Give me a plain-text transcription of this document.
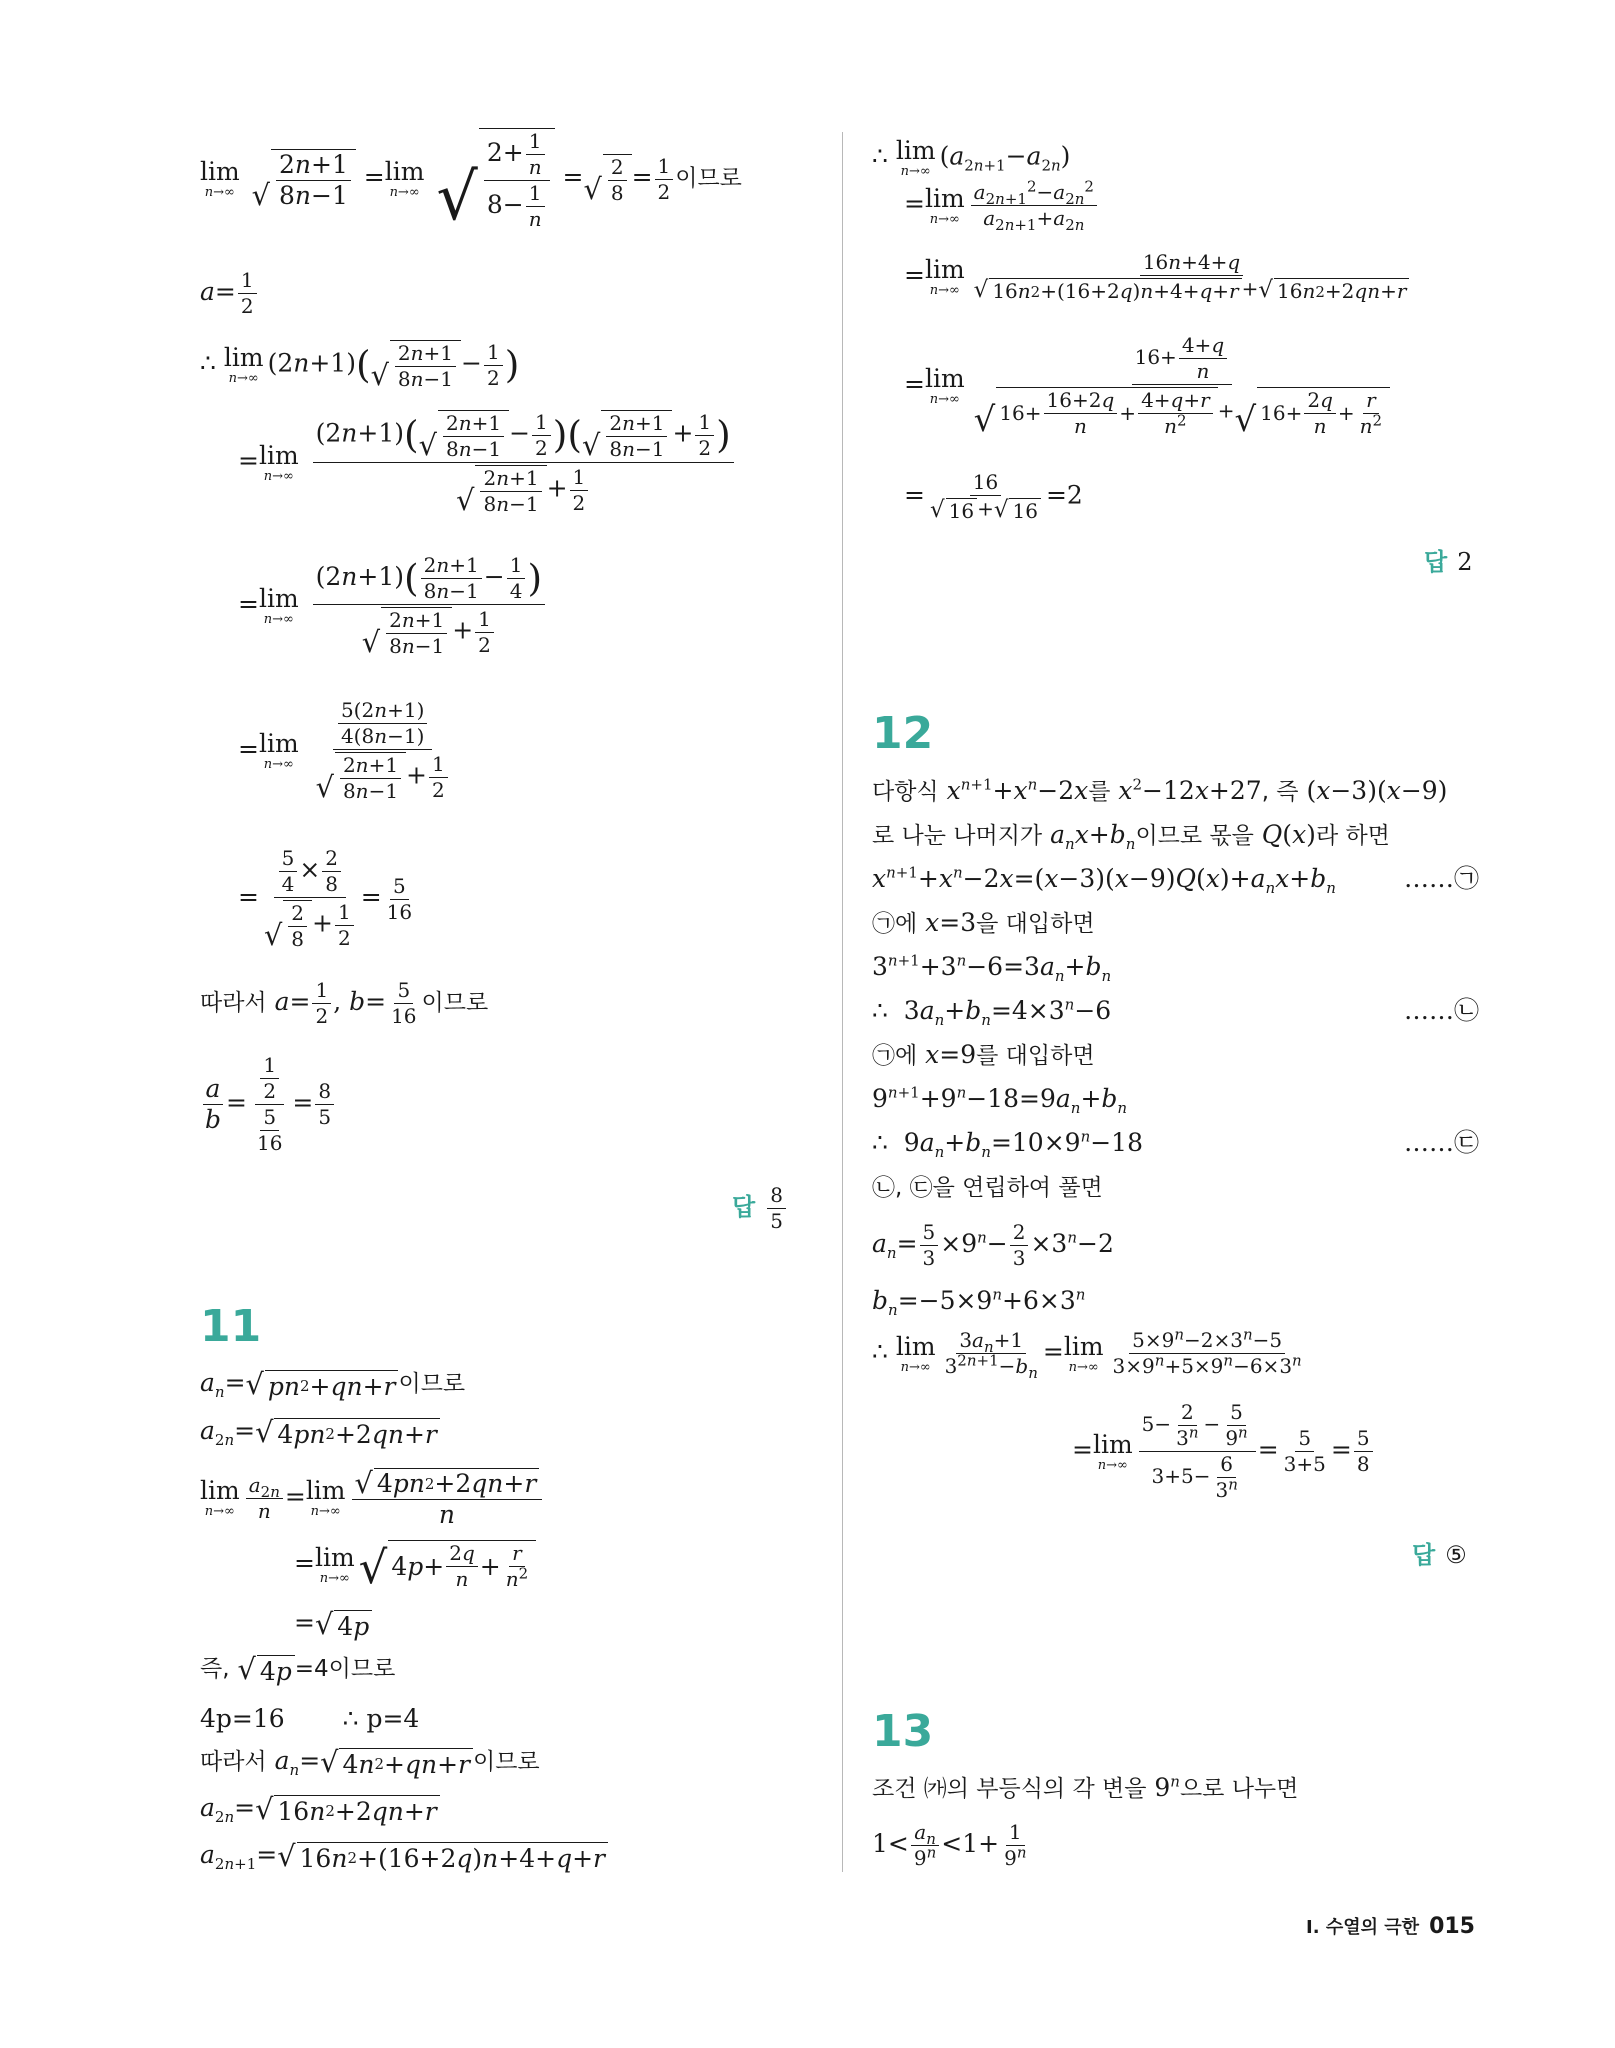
lim
n→∞
√ $\frac{2n+1}{8n-1} = \lim$
n→∞
√ $\frac{2+ \frac{1}{n}}{8- \frac{1}{n}}$ = √ $\frac{2}{8} = \frac{1}{2}$ 이므로
$a= \frac{1}{2}$
∴ lim
n→∞
(2n+1)( √ $\frac{2n+1}{8n-1} - \frac{1}{2}$ )
= lim
n→∞
$\frac{(2n+1)( √ \frac{2n+1}{8n-1} - \frac{1}{2} )( √ \frac{2n+1}{8n-1} + \frac{1}{2} )}{√ \frac{2n+1}{8n-1} + \frac{1}{2}}$
= lim
n→∞
$\frac{(2n+1)( \frac{2n+1}{8n-1} - \frac{1}{4} )}{√ \frac{2n+1}{8n-1} + \frac{1}{2}}$
= lim
n→∞
$\frac{\frac{5(2n+1)}{4(8n-1)}}{√ \frac{2n+1}{8n-1} + \frac{1}{2}}$
= $\frac{\frac{5}{4} \times \frac{2}{8}}{√ \frac{2}{8} + \frac{1}{2}} = \frac{5}{16}$
따라서 $a= \frac{1}{2}$ , $b= \frac{5}{16}$ 이므로
$\frac{a}{b} = \frac{\frac{1}{2}}{\frac{5}{16}} = \frac{8}{5}$
답 $\frac{8}{5}$
11
$a_n=$ √ pn 2 + qn + r 이므로
$a_{2n}=$ √ 4 pn 2 +2 qn + r
lim
$n\to\infty \frac{a_{2n}}{n} = \lim$
$n\to\infty \frac{√ 4 pn 2 +2 qn + r}{n}$
= lim
n→∞ √ 4 $p + \frac{2q}{n} + \frac{r}{n^2}$
= √ 4 p
즉, √ 4 p =4이므로
4p=16 ∴ p=4
따라서 $a_n=$ √ 4 n 2 + qn + r 이므로
$a_{2n}=$ √ 16 n 2 +2 qn + r
$a_{2n+1}=$ √ 16 n 2 +(16+2 q ) n +4+ q + r
∴ lim
n→∞
$(a_{2n+1}-a_{2n})$
= lim
$n\to\infty \frac{a_{2n+1}^2-a_{2n}^2}{a_{2n+1}+a_{2n}}$
= lim
$n\to\infty \frac{16n+4+q}{√ 16 n 2 +(16+2 q ) n +4+ q + r + √ 16 n 2 +2 qn + r}$
= lim
$n\to\infty \frac{16+ \frac{4+q}{n}}{√ 16+ \frac{16+2q}{n} + \frac{4+q+r}{n^2} + √ 16+ \frac{2q}{n} + \frac{r}{n^2}}$
= $\frac{16}{√ 16 + √ 16} =2$
답 2
12
다항식 $x^{n+1}+x^n-2x$를 $x^2-12x+27$, 즉 (x−3)(x−9)
로 나눈 나머지가 $a_nx+b_n$이므로 몫을 Q(x)라 하면
$x^{n+1}+x^n-2x=(x-3)(x-9)Q(x)+a_nx+b_n$	……㉠
㉠에 x=3을 대입하면
$3^{n+1}+3^n-6=3a_n+b_n$
∴  $3a_n+b_n=4\times 3^n-6$	……㉡
㉠에 x=9를 대입하면
$9^{n+1}+9^n-18=9a_n+b_n$
∴  $9a_n+b_n=10\times 9^n-18$	……㉢
㉡, ㉢을 연립하여 풀면
$a_n= \frac{5}{3} \times 9^n- \frac{2}{3} \times 3^n-2$
$b_n=-5\times 9^n+6\times 3^n$
∴ lim
$n\to\infty \frac{3a_n+1}{3^{2n+1}-b_n} = \lim$
$n\to\infty \frac{5\times 9^n-2\times 3^n-5}{3\times 9^n+5\times 9^n-6\times 3^n}$
= lim
$n\to\infty \frac{5- \frac{2}{3^n} - \frac{5}{9^n}}{3+5- \frac{6}{3^n}} = \frac{5}{3+5} = \frac{5}{8}$
답 ⑤
13
조건 ㈎의 부등식의 각 변을 9$^n$으로 나누면
$1< \frac{a_n}{9^n} <1+ \frac{1}{9^n}$
I. 수열의 극한 015
